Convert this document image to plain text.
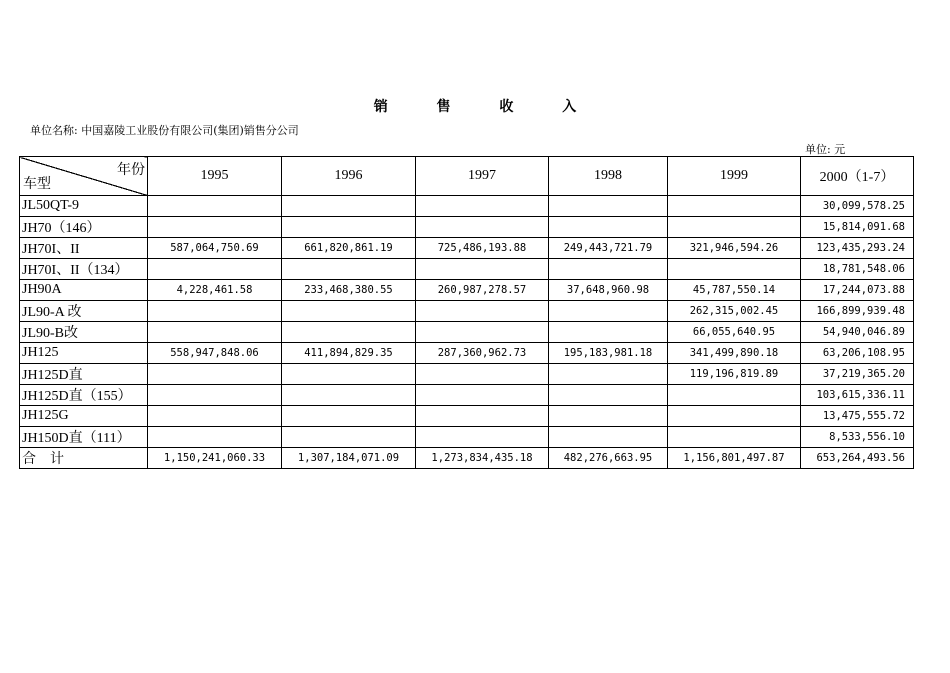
销 售 收 入
单位名称: 中国嘉陵工业股份有限公司(集团)销售分公司
单位: 元
年份
车型	1995	1996	1997	1998	1999	2000（1-7）
JL50QT-9						30,099,578.25
JH70（146）						15,814,091.68
JH70I、II	587,064,750.69	661,820,861.19	725,486,193.88	249,443,721.79	321,946,594.26	123,435,293.24
JH70I、II（134）						18,781,548.06
JH90A	4,228,461.58	233,468,380.55	260,987,278.57	37,648,960.98	45,787,550.14	17,244,073.88
JL90-A 改					262,315,002.45	166,899,939.48
JL90-B改					66,055,640.95	54,940,046.89
JH125	558,947,848.06	411,894,829.35	287,360,962.73	195,183,981.18	341,499,890.18	63,206,108.95
JH125D直					119,196,819.89	37,219,365.20
JH125D直（155）						103,615,336.11
JH125G						13,475,555.72
JH150D直（111）						8,533,556.10
合计	1,150,241,060.33	1,307,184,071.09	1,273,834,435.18	482,276,663.95	1,156,801,497.87	653,264,493.56
